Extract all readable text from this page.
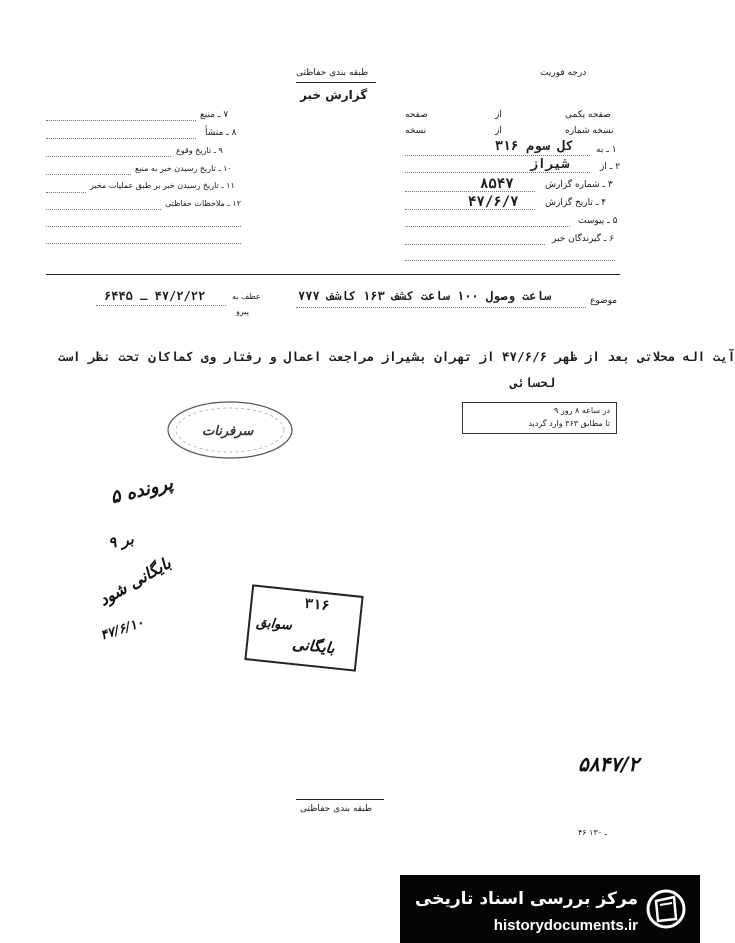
درجه فوریت
طبقه بندی حفاظتی
گزارش خبر
۷ ـ منبع
۸ ـ منشأ
۹ ـ تاریخ وقوع
۱۰ ـ تاریخ رسیدن خبر به منبع
۱۱ ـ تاریخ رسیدن خبر بر طبق عملیات مخبر
۱۲ ـ ملاحظات حفاظتی
صفحه یکمی
از
صفحه
نسخه شماره
از
نسخه
۱ ـ به
کل سوم ۳۱۶
۲ ـ از
شیراز
۳ ـ شماره گزارش
۸۵۴۷
۴ ـ تاریخ گزارش
۴۷/۶/۷
۵ ـ پیوست
۶ ـ گیرندگان خبر
موضوع
ساعت وصول ۱۰۰ ساعت کشف ۱۶۳ کاشف ۷۷۷
عطف به
پیرو
۴۷/۲/۲۲ ـ ۶۴۴۵
آیت اله محلاتی بعد از ظهر ۴۷/۶/۶ از تهران بشیراز مراجعت اعمال و رفتار وی کماکان تحت نظر است
لحسائی
در ساعه ۸ روز ۹
تا مطابق ۳۶۳ وارد گردید
سرفرنات
۵ پرونده
۹ بر
بایگانی شود
۴۷/۶/۱۰
۳۱۶
سوابق
بایگانی
۵۸۴۷/۲
طبقه بندی حفاظتی
۴۶ ـ ۱۳۰
مرکز بررسی اسناد تاریخی
historydocuments.ir
